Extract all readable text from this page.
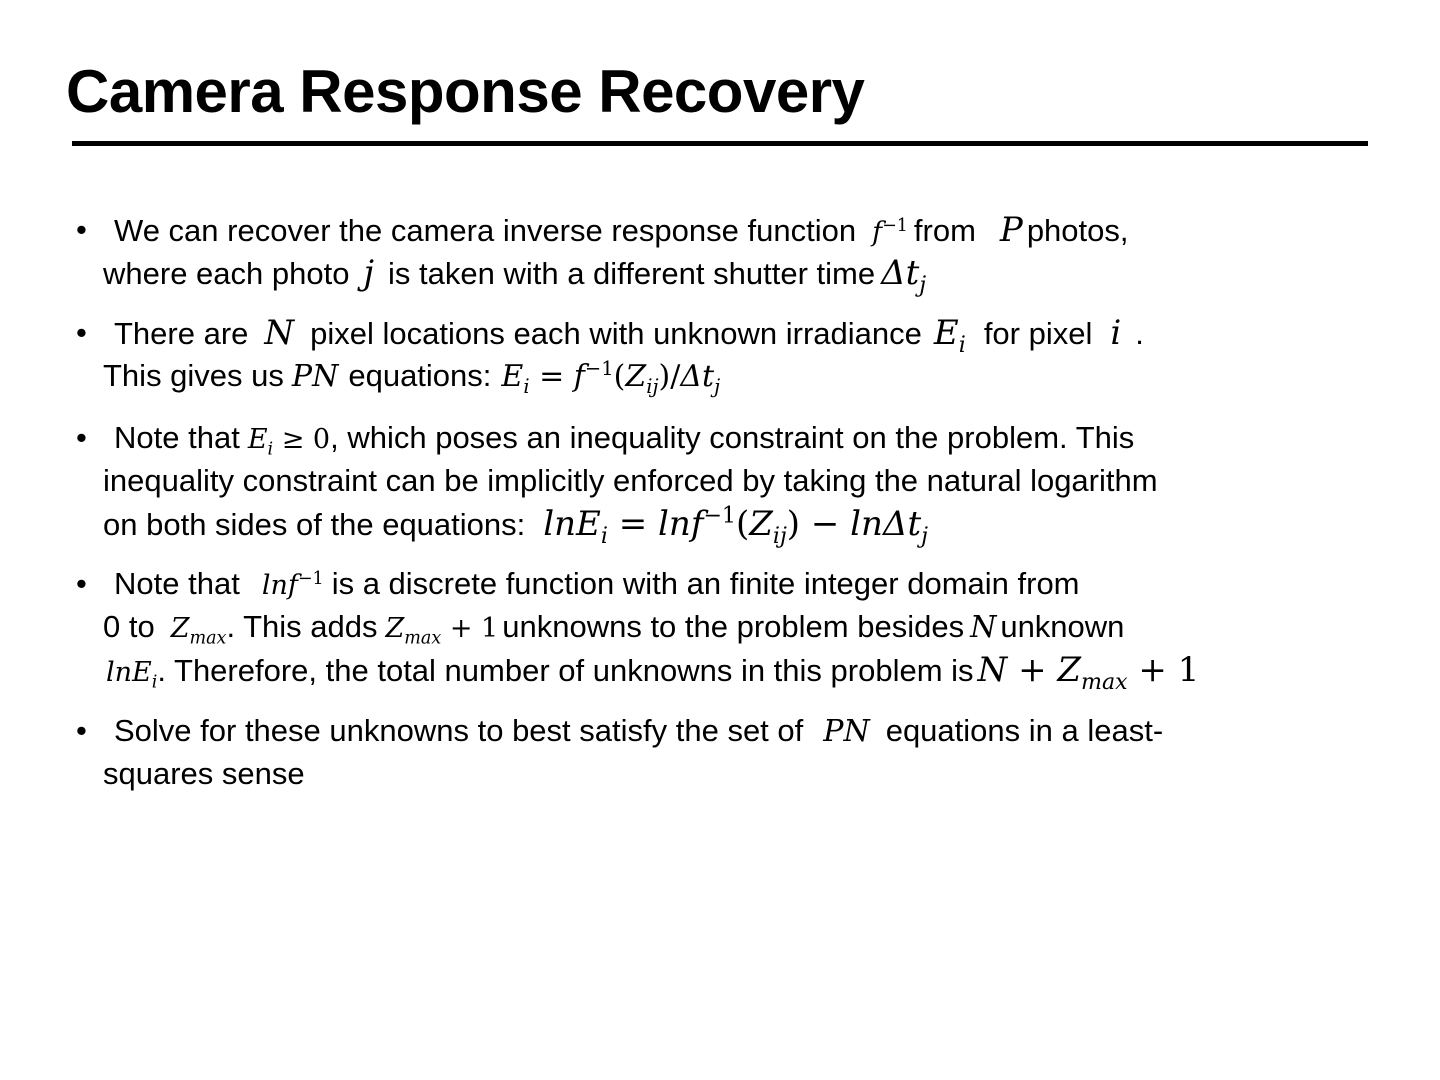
Camera Response Recovery
• We can recover the camera inverse response function $f^{-1}$ from P photos,
where each photo j is taken with a different shutter time $\Delta t_j$
• There are N pixel locations each with unknown irradiance $E_i$ for pixel i .
This gives us PN equations: $E_i = f^{-1}(Z_{ij})/\Delta t_j$
• Note that $E_i \ge 0$, which poses an inequality constraint on the problem. This
inequality constraint can be implicitly enforced by taking the natural logarithm
on both sides of the equations: $\ln E_i = \ln f^{-1}(Z_{ij}) - \ln\Delta t_j$
• Note that lnf$^{-1}$ is a discrete function with an finite integer domain from
0 to $Z_{max}$. This adds $Z_{max} + 1$ unknowns to the problem besides N unknown
lnE$_i$. Therefore, the total number of unknowns in this problem is $N + Z_{max} + 1$
• Solve for these unknowns to best satisfy the set of PN equations in a least-
squares sense
